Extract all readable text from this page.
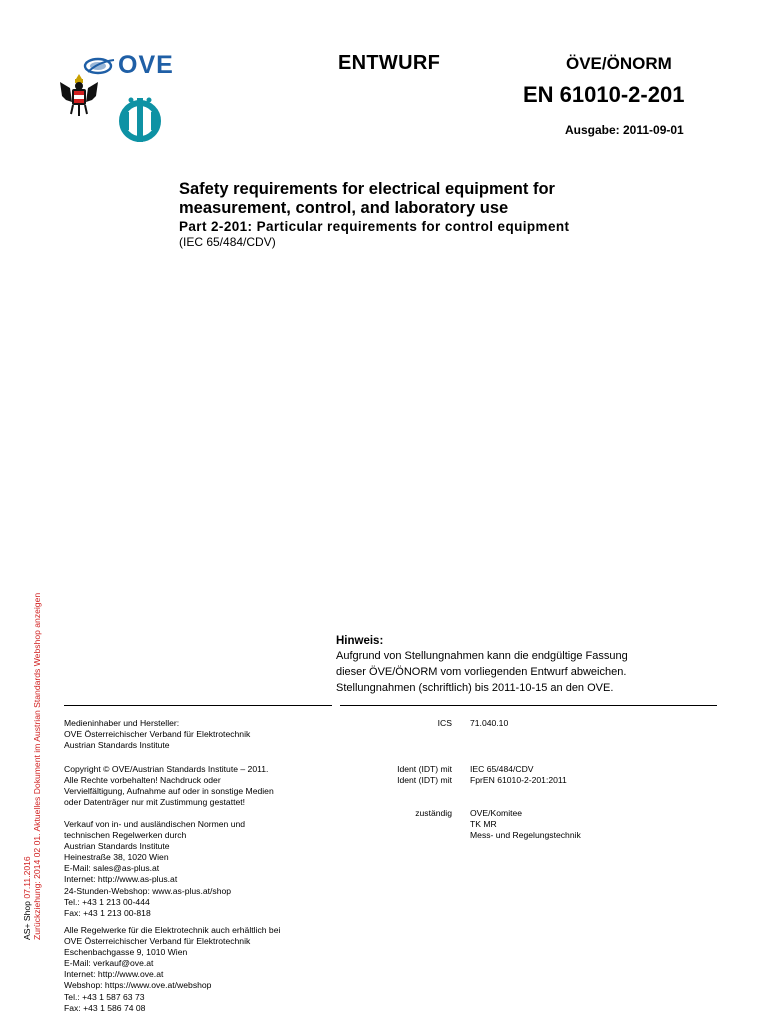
OVE	ENTWURF	ÖVE/ÖNORM
EN 61010-2-201
Ausgabe: 2011-09-01
Safety requirements for electrical equipment for
measurement, control, and laboratory use
Part 2-201: Particular requirements for control equipment
(IEC 65/484/CDV)
Hinweis:
Aufgrund von Stellungnahmen kann die endgültige Fassung
dieser ÖVE/ÖNORM vom vorliegenden Entwurf abweichen.
Stellungnahmen (schriftlich) bis 2011-10-15 an den OVE.
Medieninhaber und Hersteller:
OVE Österreichischer Verband für Elektrotechnik
Austrian Standards Institute
Copyright © OVE/Austrian Standards Institute – 2011.
Alle Rechte vorbehalten! Nachdruck oder
Vervielfältigung, Aufnahme auf oder in sonstige Medien
oder Datenträger nur mit Zustimmung gestattet!
Verkauf von in- und ausländischen Normen und
technischen Regelwerken durch
Austrian Standards Institute
Heinestraße 38, 1020 Wien
E-Mail: sales@as-plus.at
Internet: http://www.as-plus.at
24-Stunden-Webshop: www.as-plus.at/shop
Tel.: +43 1 213 00-444
Fax: +43 1 213 00-818
Alle Regelwerke für die Elektrotechnik auch erhältlich bei
OVE Österreichischer Verband für Elektrotechnik
Eschenbachgasse 9, 1010 Wien
E-Mail: verkauf@ove.at
Internet: http://www.ove.at
Webshop: https://www.ove.at/webshop
Tel.: +43 1 587 63 73
Fax: +43 1 586 74 08
ICS 71.040.10
Ident (IDT) mit IEC 65/484/CDV
Ident (IDT) mit FprEN 61010-2-201:2011
zuständig OVE/Komitee
TK MR
Mess- und Regelungstechnik
AS+ Shop 07.11.2016 Zurückziehung: 2014 02 01. Aktuelles Dokument im Austrian Standards Webshop anzeigen
